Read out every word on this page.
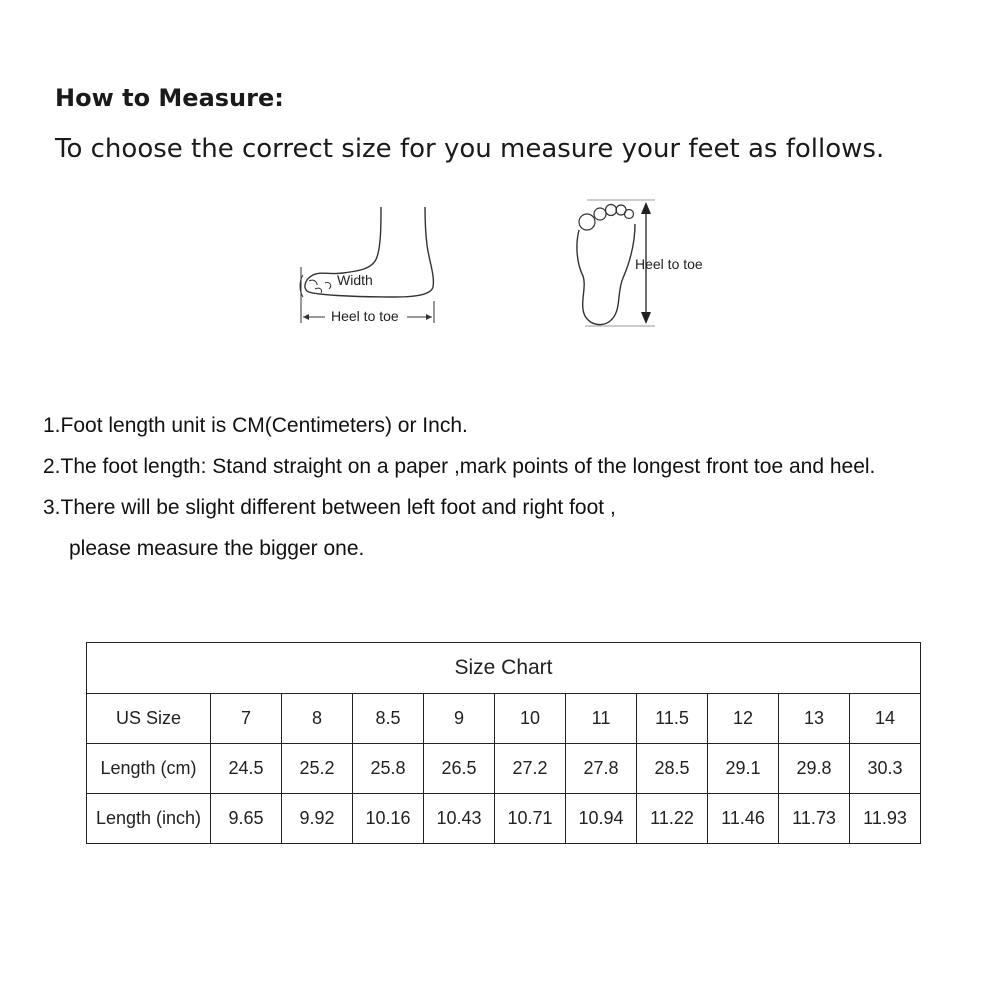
How to Measure:

To choose the correct size for you measure your feet as follows.

Width
Heel to toe
Heel to toe
1.Foot length unit is CM(Centimeters) or Inch.
2.The foot length: Stand straight on a paper ,mark points of the longest front toe and heel.
3.There will be slight different between left foot and right foot ,
please measure the bigger one.
Size Chart										
US Size	7	8	8.5	9	10	11	11.5	12	13	14
Length (cm)	24.5	25.2	25.8	26.5	27.2	27.8	28.5	29.1	29.8	30.3
Length (inch)	9.65	9.92	10.16	10.43	10.71	10.94	11.22	11.46	11.73	11.93
